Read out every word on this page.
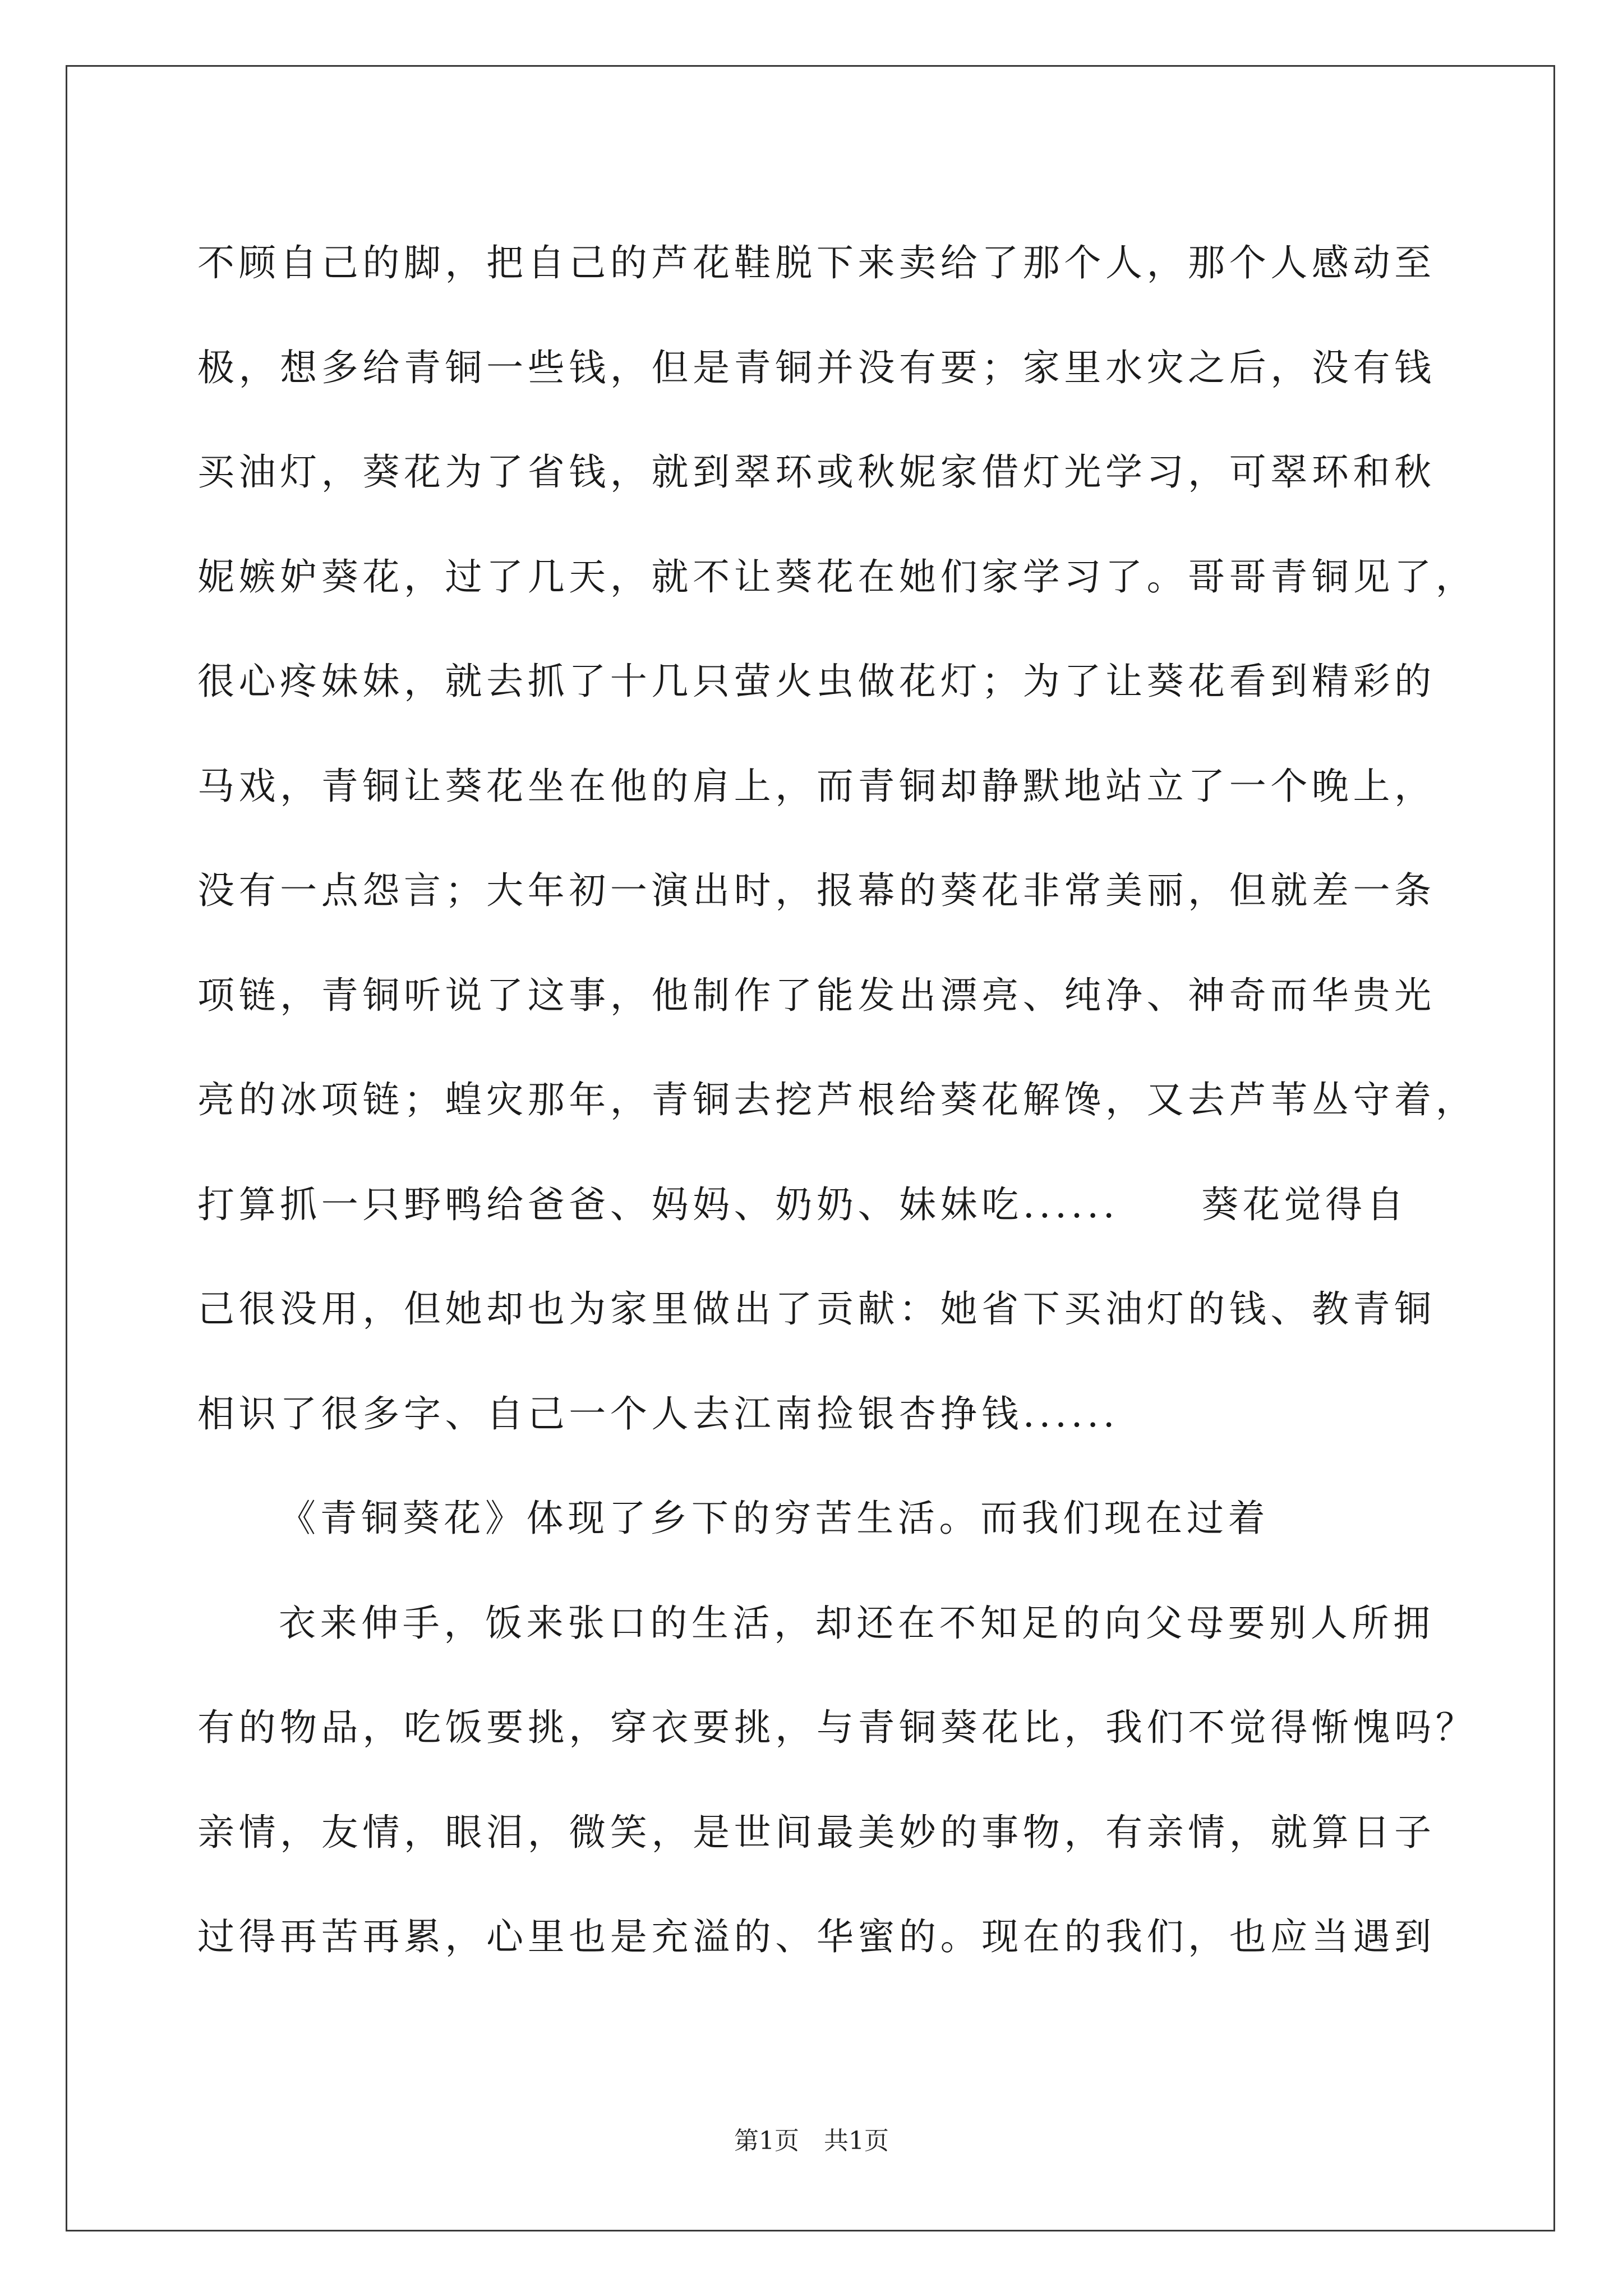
不顾自己的脚，把自己的芦花鞋脱下来卖给了那个人，那个人感动至
极，想多给青铜一些钱，但是青铜并没有要；家里水灾之后，没有钱
买油灯，葵花为了省钱，就到翠环或秋妮家借灯光学习，可翠环和秋
妮嫉妒葵花，过了几天，就不让葵花在她们家学习了。哥哥青铜见了，
很心疼妹妹，就去抓了十几只萤火虫做花灯；为了让葵花看到精彩的
马戏，青铜让葵花坐在他的肩上，而青铜却静默地站立了一个晚上，
没有一点怨言；大年初一演出时，报幕的葵花非常美丽，但就差一条
项链，青铜听说了这事，他制作了能发出漂亮、纯净、神奇而华贵光
亮的冰项链；蝗灾那年，青铜去挖芦根给葵花解馋，又去芦苇丛守着，
打算抓一只野鸭给爸爸、妈妈、奶奶、妹妹吃......　　葵花觉得自
己很没用，但她却也为家里做出了贡献：她省下买油灯的钱、教青铜
相识了很多字、自己一个人去江南捡银杏挣钱......
《青铜葵花》体现了乡下的穷苦生活。而我们现在过着
衣来伸手，饭来张口的生活，却还在不知足的向父母要别人所拥
有的物品，吃饭要挑，穿衣要挑，与青铜葵花比，我们不觉得惭愧吗？
亲情，友情，眼泪，微笑，是世间最美妙的事物，有亲情，就算日子
过得再苦再累，心里也是充溢的、华蜜的。现在的我们，也应当遇到
第1页　共1页
